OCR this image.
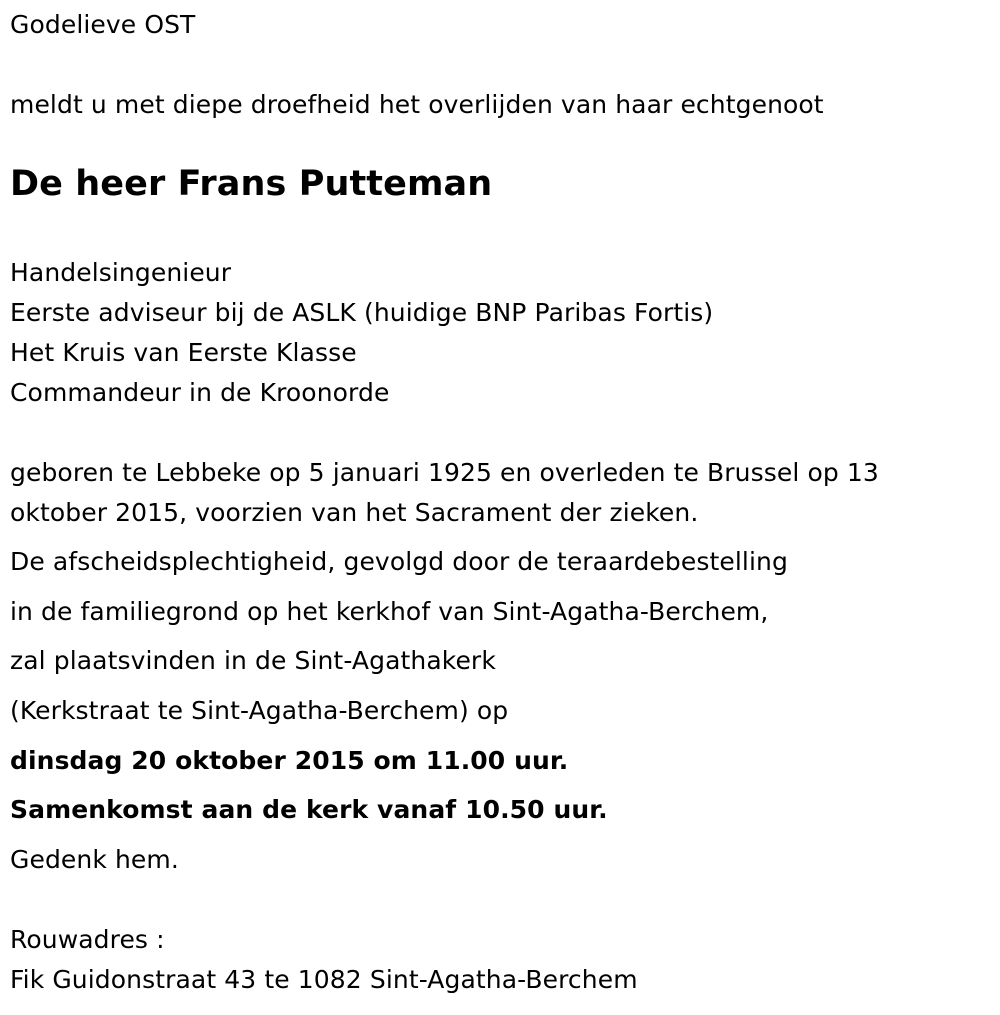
Godelieve OST
meldt u met diepe droefheid het overlijden van haar echtgenoot
De heer Frans Putteman
Handelsingenieur
Eerste adviseur bij de ASLK (huidige BNP Paribas Fortis)
Het Kruis van Eerste Klasse
Commandeur in de Kroonorde
geboren te Lebbeke op 5 januari 1925 en overleden te Brussel op 13
oktober 2015, voorzien van het Sacrament der zieken.
De afscheidsplechtigheid, gevolgd door de teraardebestelling
in de familiegrond op het kerkhof van Sint-Agatha-Berchem,
zal plaatsvinden in de Sint-Agathakerk
(Kerkstraat te Sint-Agatha-Berchem) op
dinsdag 20 oktober 2015 om 11.00 uur.
Samenkomst aan de kerk vanaf 10.50 uur.
Gedenk hem.
Rouwadres :
Fik Guidonstraat 43 te 1082 Sint-Agatha-Berchem
